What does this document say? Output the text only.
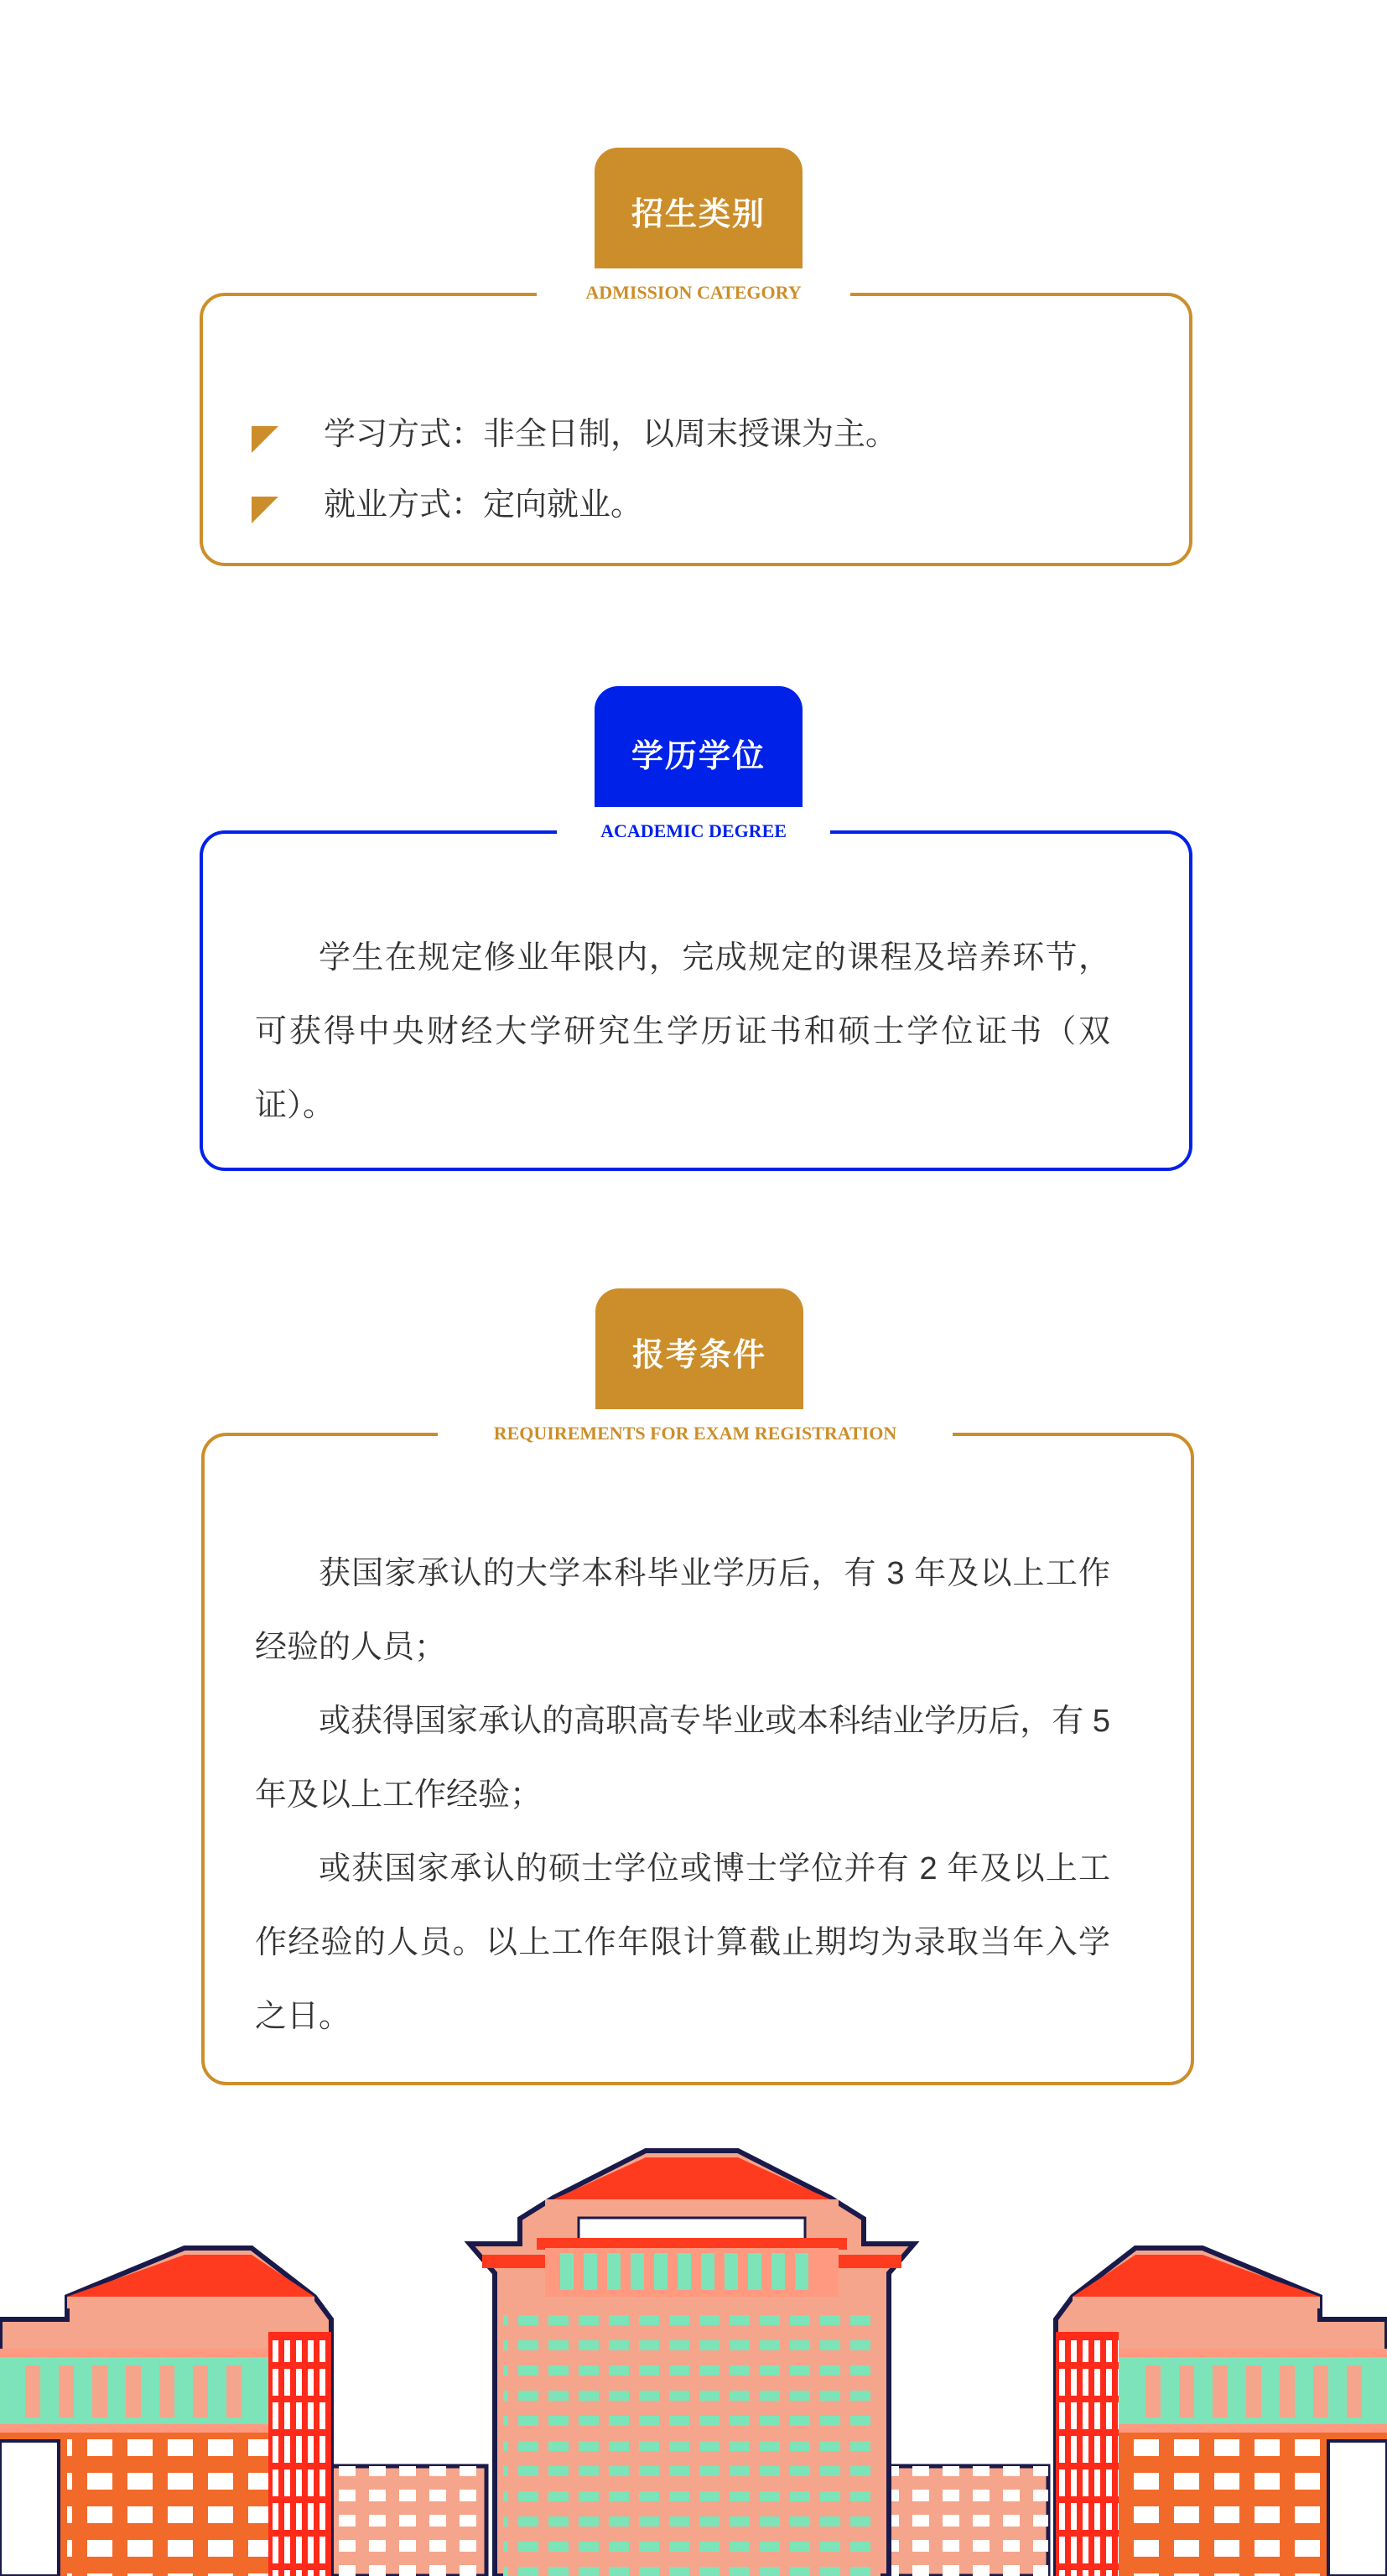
招生类别
ADMISSION CATEGORY
学习方式：非全日制，以周末授课为主。
就业方式：定向就业。
学历学位
ACADEMIC DEGREE
学生在规定修业年限内，完成规定的课程及培养环节，可获得中央财经大学研究生学历证书和硕士学位证书（双证）。
报考条件
REQUIREMENTS FOR EXAM REGISTRATION
获国家承认的大学本科毕业学历后，有 3 年及以上工作经验的人员；
或获得国家承认的高职高专毕业或本科结业学历后，有 5 年及以上工作经验；
或获国家承认的硕士学位或博士学位并有 2 年及以上工作经验的人员。以上工作年限计算截止期均为录取当年入学之日。
